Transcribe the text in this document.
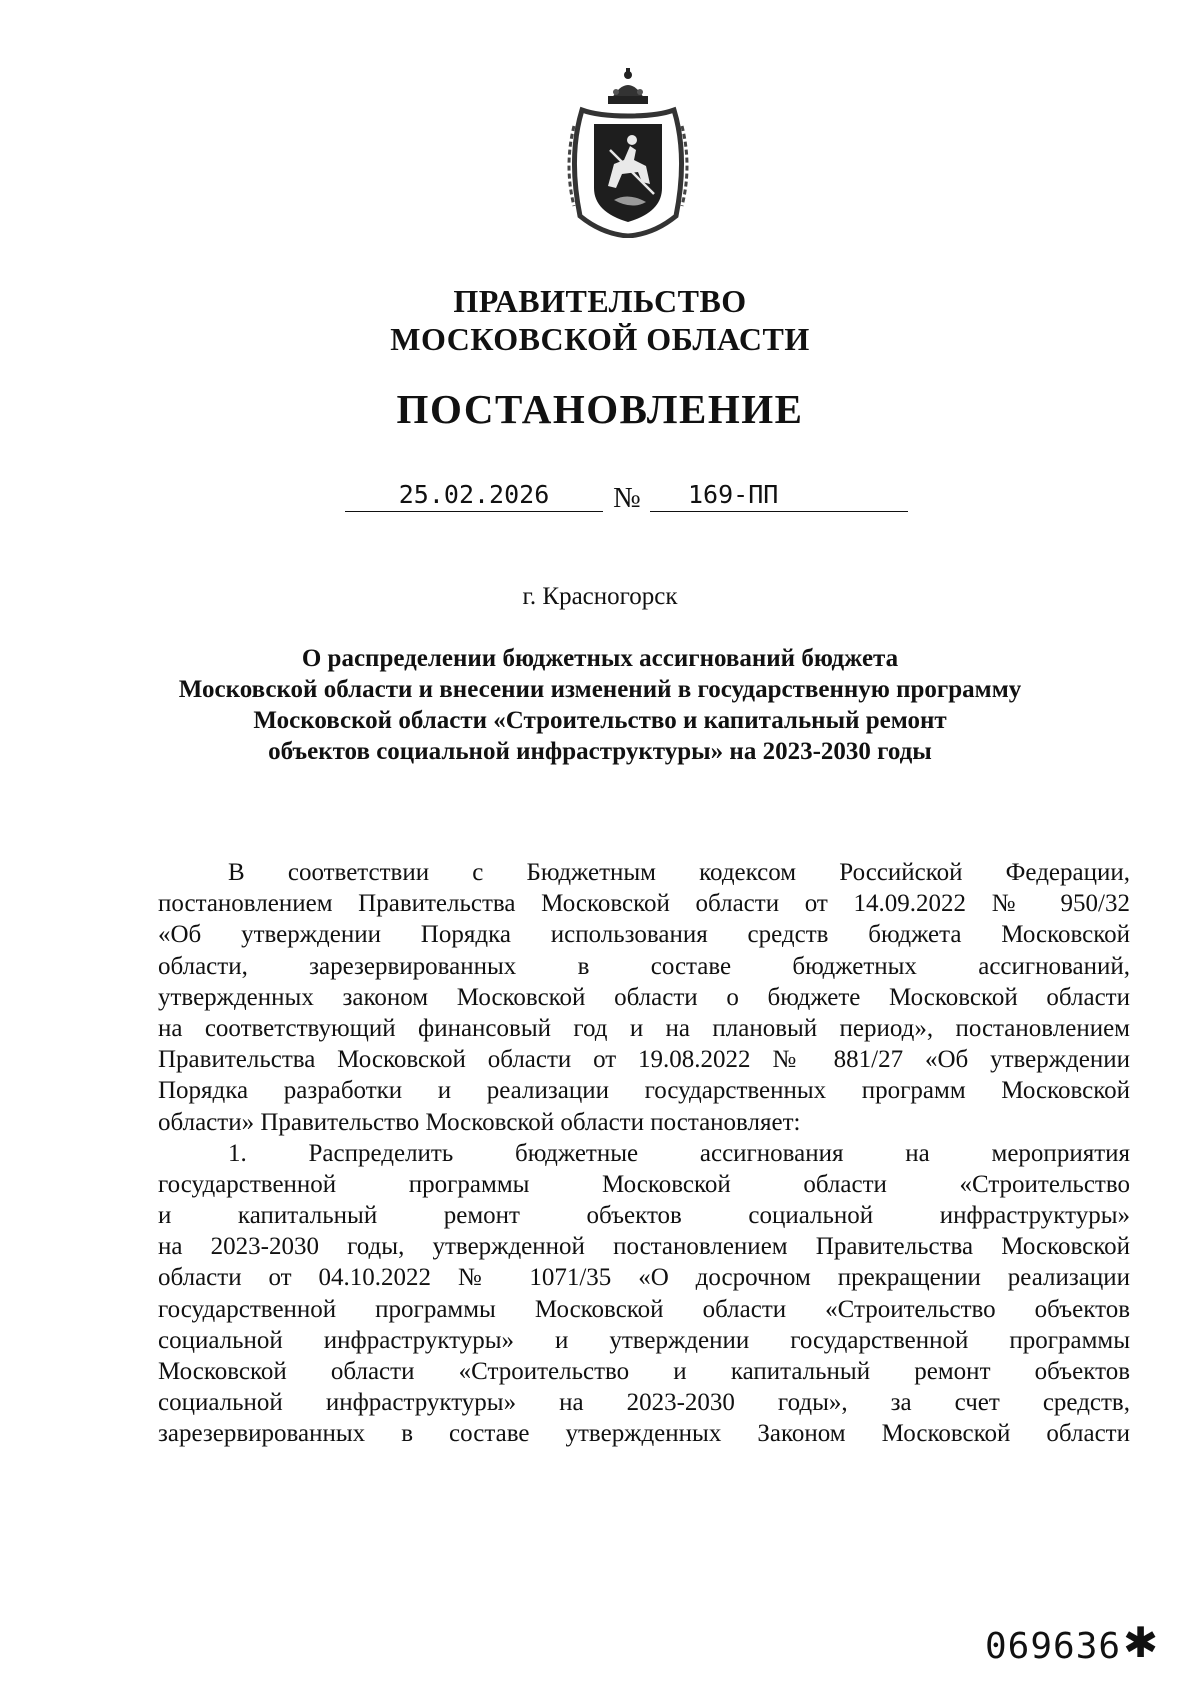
ПРАВИТЕЛЬСТВО
МОСКОВСКОЙ ОБЛАСТИ
ПОСТАНОВЛЕНИЕ
25.02.2026	№	169-ПП
г. Красногорск
О распределении бюджетных ассигнований бюджета
Московской области и внесении изменений в государственную программу
Московской области «Строительство и капитальный ремонт
объектов социальной инфраструктуры» на 2023-2030 годы
В соответствии с Бюджетным кодексом Российской Федерации,
постановлением Правительства Московской области от 14.09.2022 № 950/32
«Об утверждении Порядка использования средств бюджета Московской
области, зарезервированных в составе бюджетных ассигнований,
утвержденных законом Московской области о бюджете Московской области
на соответствующий финансовый год и на плановый период», постановлением
Правительства Московской области от 19.08.2022 № 881/27 «Об утверждении
Порядка разработки и реализации государственных программ Московской
области» Правительство Московской области постановляет:
1. Распределить бюджетные ассигнования на мероприятия
государственной программы Московской области «Строительство
и капитальный ремонт объектов социальной инфраструктуры»
на 2023-2030 годы, утвержденной постановлением Правительства Московской
области от 04.10.2022 № 1071/35 «О досрочном прекращении реализации
государственной программы Московской области «Строительство объектов
социальной инфраструктуры» и утверждении государственной программы
Московской области «Строительство и капитальный ремонт объектов
социальной инфраструктуры» на 2023-2030 годы», за счет средств,
зарезервированных в составе утвержденных Законом Московской области
069636 ✱
